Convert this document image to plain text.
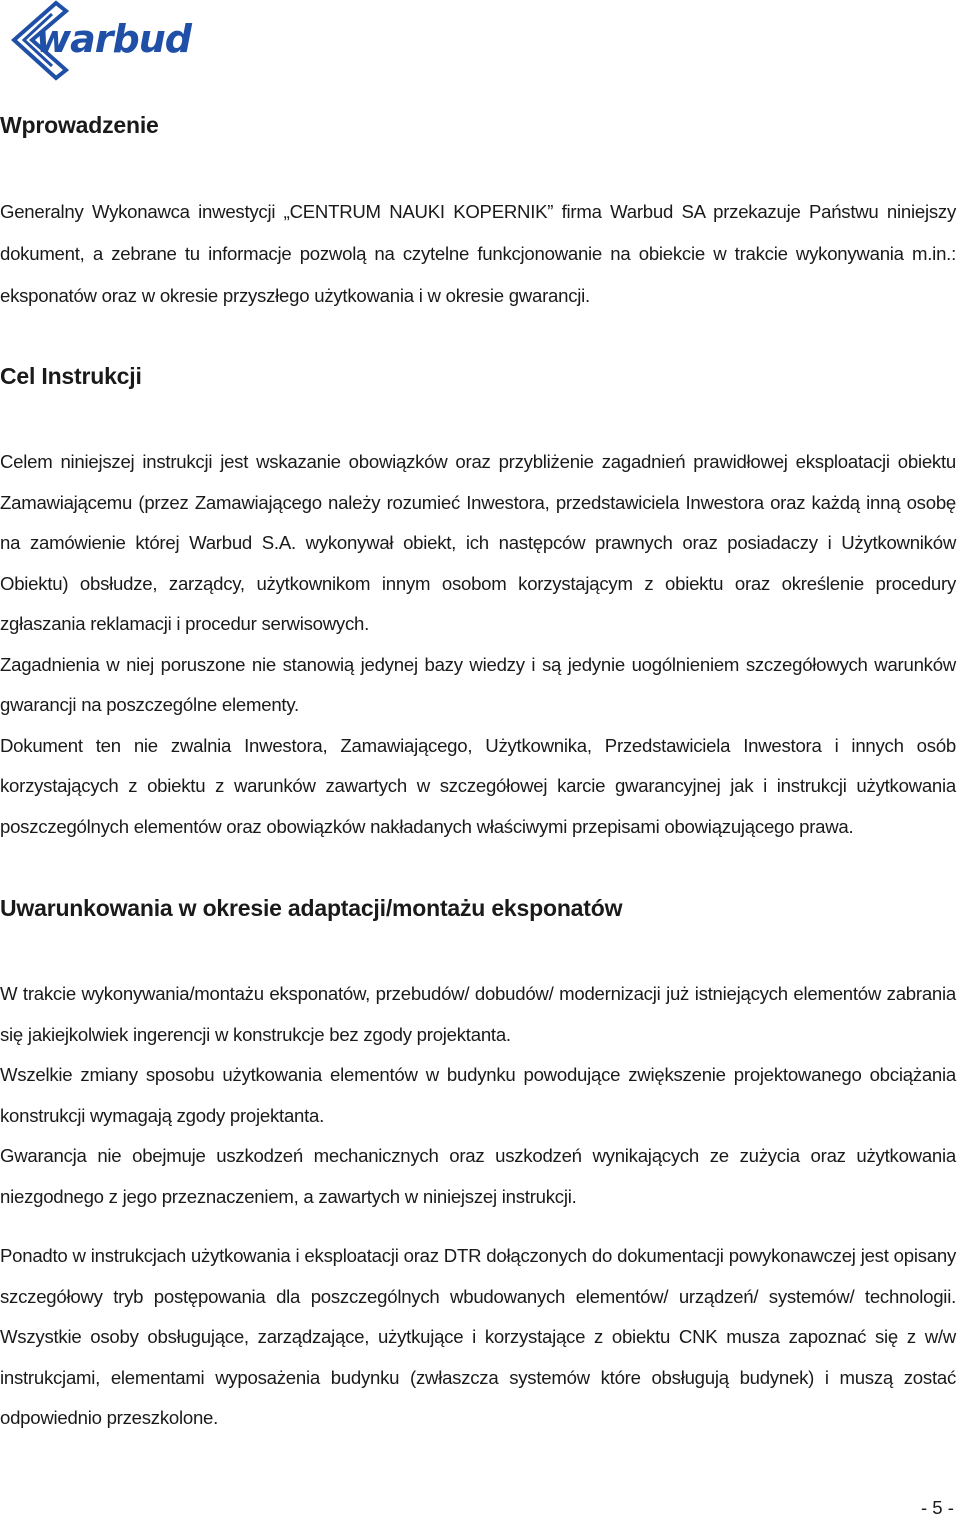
warbud
Wprowadzenie

Generalny Wykonawca inwestycji „CENTRUM NAUKI KOPERNIK” firma Warbud SA przekazuje Państwu niniejszy dokument, a zebrane tu informacje pozwolą na czytelne funkcjonowanie na obiekcie w trakcie wykonywania m.in.: eksponatów oraz w okresie przyszłego użytkowania i w okresie gwarancji.

Cel Instrukcji

Celem niniejszej instrukcji jest wskazanie obowiązków oraz przybliżenie zagadnień prawidłowej eksploatacji obiektu Zamawiającemu (przez Zamawiającego należy rozumieć Inwestora, przedstawiciela Inwestora oraz każdą inną osobę na zamówienie której Warbud S.A. wykonywał obiekt, ich następców prawnych oraz posiadaczy i Użytkowników Obiektu) obsłudze, zarządcy, użytkownikom innym osobom korzystającym z obiektu oraz określenie procedury zgłaszania reklamacji i procedur serwisowych.

Zagadnienia w niej poruszone nie stanowią jedynej bazy wiedzy i są jedynie uogólnieniem szczegółowych warunków gwarancji na poszczególne elementy.

Dokument ten nie zwalnia Inwestora, Zamawiającego, Użytkownika, Przedstawiciela Inwestora i innych osób korzystających z obiektu z warunków zawartych w szczegółowej karcie gwarancyjnej jak i instrukcji użytkowania poszczególnych elementów oraz obowiązków nakładanych właściwymi przepisami obowiązującego prawa.

Uwarunkowania w okresie adaptacji/montażu eksponatów

W trakcie wykonywania/montażu eksponatów, przebudów/ dobudów/ modernizacji już istniejących elementów zabrania się jakiejkolwiek ingerencji w konstrukcje bez zgody projektanta.

Wszelkie zmiany sposobu użytkowania elementów w budynku powodujące zwiększenie projektowanego obciążania konstrukcji wymagają zgody projektanta.

Gwarancja nie obejmuje uszkodzeń mechanicznych oraz uszkodzeń wynikających ze zużycia oraz użytkowania niezgodnego z jego przeznaczeniem, a zawartych w niniejszej instrukcji.

Ponadto w instrukcjach użytkowania i eksploatacji oraz DTR dołączonych do dokumentacji powykonawczej jest opisany szczegółowy tryb postępowania dla poszczególnych wbudowanych elementów/ urządzeń/ systemów/ technologii. Wszystkie osoby obsługujące, zarządzające, użytkujące i korzystające z obiektu CNK musza zapoznać się z w/w instrukcjami, elementami wyposażenia budynku (zwłaszcza systemów które obsługują budynek) i muszą zostać odpowiednio przeszkolone.

- 5 -
